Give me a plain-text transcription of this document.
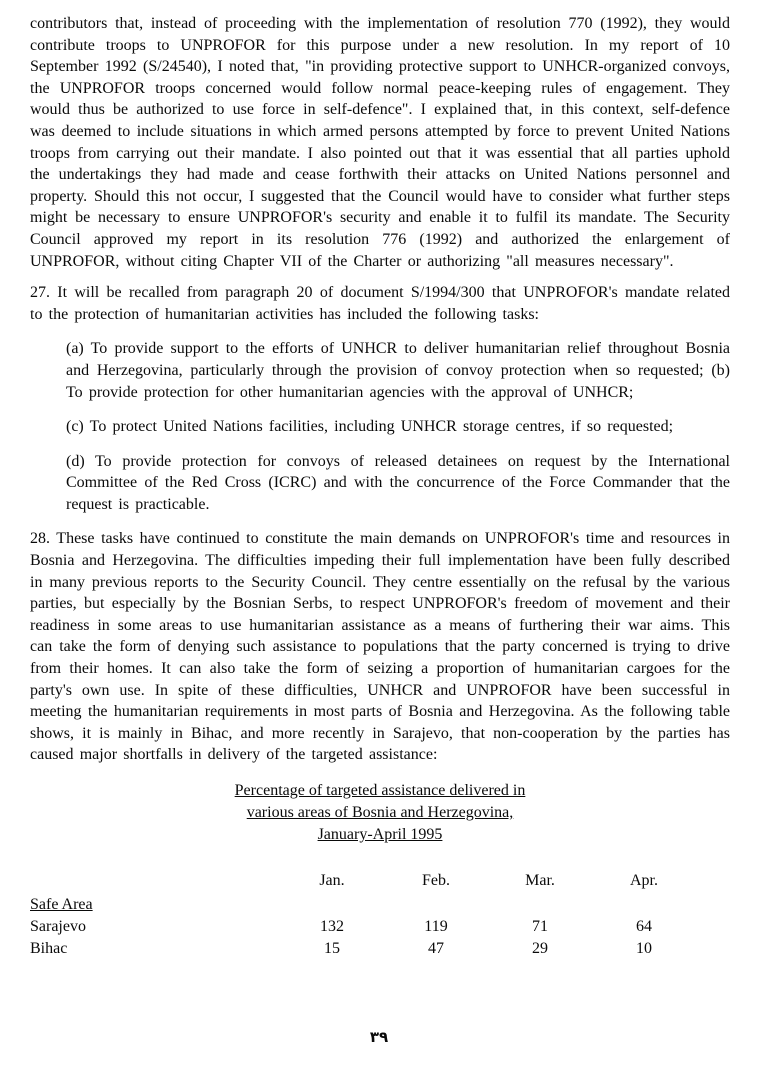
contributors that, instead of proceeding with the implementation of resolution 770 (1992), they would contribute troops to UNPROFOR for this purpose under a new resolution. In my report of 10 September 1992 (S/24540), I noted that, "in providing protective support to UNHCR-organized convoys, the UNPROFOR troops concerned would follow normal peace-keeping rules of engagement. They would thus be authorized to use force in self-defence". I explained that, in this context, self-defence was deemed to include situations in which armed persons attempted by force to prevent United Nations troops from carrying out their mandate. I also pointed out that it was essential that all parties uphold the undertakings they had made and cease forthwith their attacks on United Nations personnel and property. Should this not occur, I suggested that the Council would have to consider what further steps might be necessary to ensure UNPROFOR's security and enable it to fulfil its mandate. The Security Council approved my report in its resolution 776 (1992) and authorized the enlargement of UNPROFOR, without citing Chapter VII of the Charter or authorizing "all measures necessary".

27. It will be recalled from paragraph 20 of document S/1994/300 that UNPROFOR's mandate related to the protection of humanitarian activities has included the following tasks:

(a) To provide support to the efforts of UNHCR to deliver humanitarian relief throughout Bosnia and Herzegovina, particularly through the provision of convoy protection when so requested; (b) To provide protection for other humanitarian agencies with the approval of UNHCR;

(c) To protect United Nations facilities, including UNHCR storage centres, if so requested;

(d) To provide protection for convoys of released detainees on request by the International Committee of the Red Cross (ICRC) and with the concurrence of the Force Commander that the request is practicable.

28. These tasks have continued to constitute the main demands on UNPROFOR's time and resources in Bosnia and Herzegovina. The difficulties impeding their full implementation have been fully described in many previous reports to the Security Council. They centre essentially on the refusal by the various parties, but especially by the Bosnian Serbs, to respect UNPROFOR's freedom of movement and their readiness in some areas to use humanitarian assistance as a means of furthering their war aims. This can take the form of denying such assistance to populations that the party concerned is trying to drive from their homes. It can also take the form of seizing a proportion of humanitarian cargoes for the party's own use. In spite of these difficulties, UNHCR and UNPROFOR have been successful in meeting the humanitarian requirements in most parts of Bosnia and Herzegovina. As the following table shows, it is mainly in Bihac, and more recently in Sarajevo, that non-cooperation by the parties has caused major shortfalls in delivery of the targeted assistance:

Percentage of targeted assistance delivered in
various areas of Bosnia and Herzegovina,
January-April 1995
Jan.	Feb.	Mar.	Apr.
Safe Area
Sarajevo	132	119	71	64
Bihac	15	47	29	10
٣٩
